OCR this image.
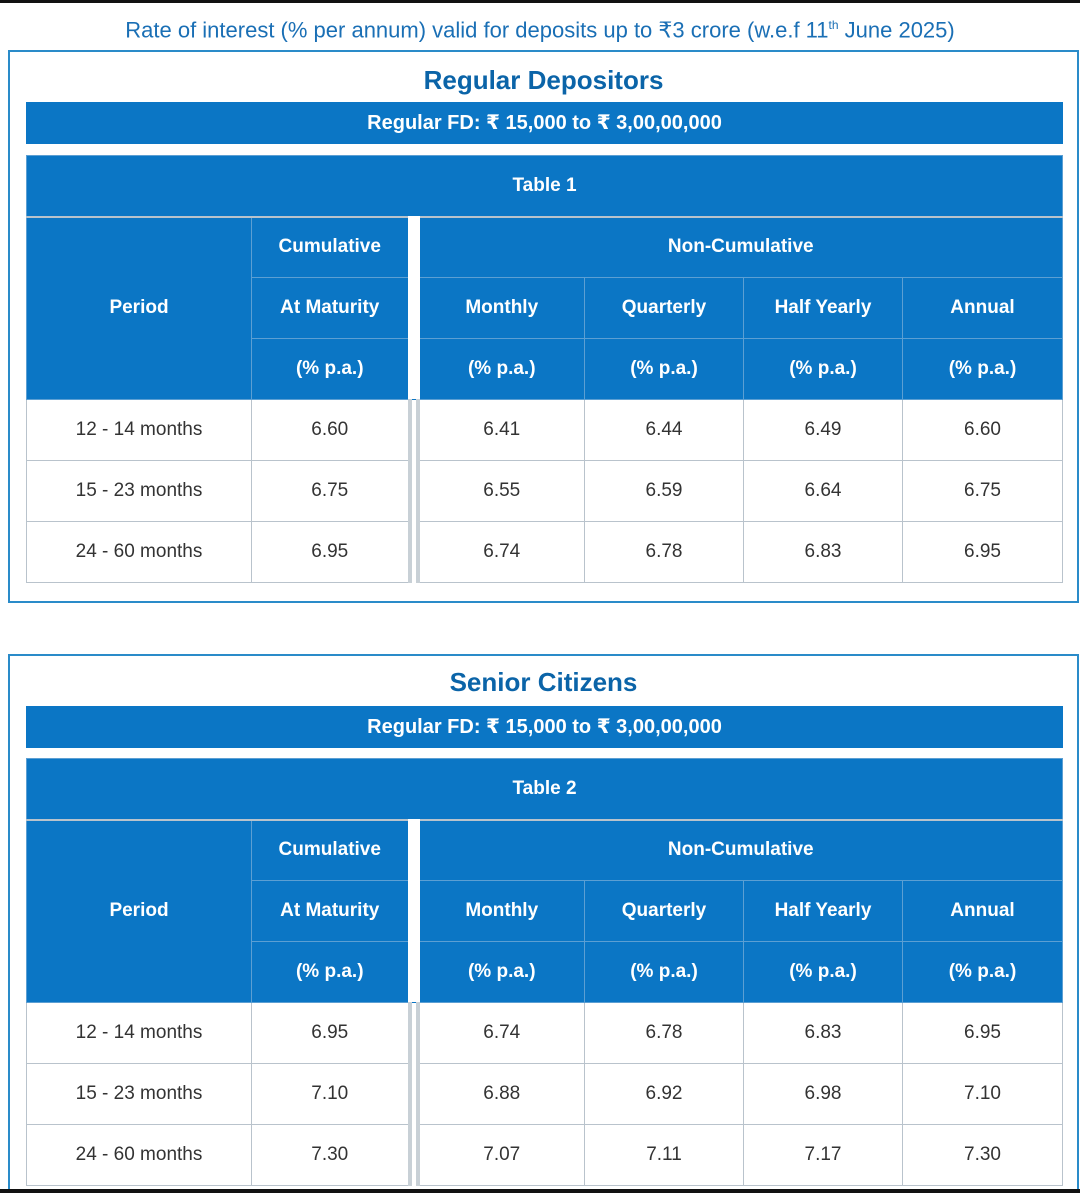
Rate of interest (% per annum) valid for deposits up to ₹3 crore (w.e.f 11th June 2025)
Regular Depositors
Regular FD: ₹ 15,000 to ₹ 3,00,00,000
Table 1					
Period	Cumulative	Non-Cumulative			
	At Maturity	Monthly	Quarterly	Half Yearly	Annual
	(% p.a.)	(% p.a.)	(% p.a.)	(% p.a.)	(% p.a.)
12 - 14 months	6.60	6.41	6.44	6.49	6.60
15 - 23 months	6.75	6.55	6.59	6.64	6.75
24 - 60 months	6.95	6.74	6.78	6.83	6.95
Senior Citizens
Regular FD: ₹ 15,000 to ₹ 3,00,00,000
Table 2					
Period	Cumulative	Non-Cumulative			
	At Maturity	Monthly	Quarterly	Half Yearly	Annual
	(% p.a.)	(% p.a.)	(% p.a.)	(% p.a.)	(% p.a.)
12 - 14 months	6.95	6.74	6.78	6.83	6.95
15 - 23 months	7.10	6.88	6.92	6.98	7.10
24 - 60 months	7.30	7.07	7.11	7.17	7.30
